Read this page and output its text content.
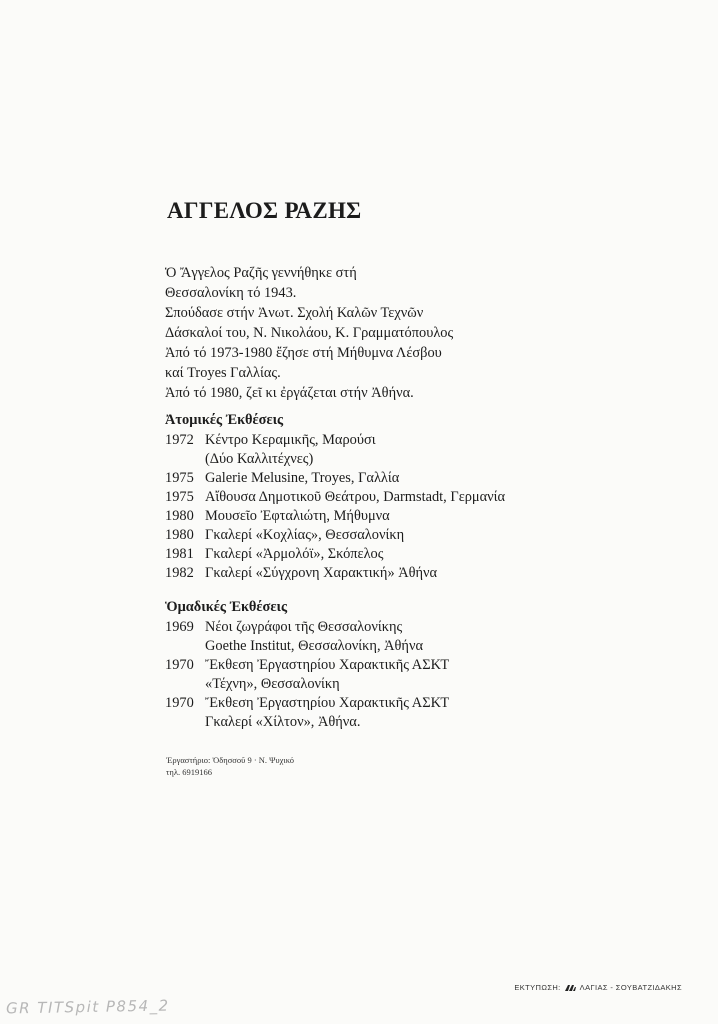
ΑΓΓΕΛΟΣ ΡΑΖΗΣ
Ὁ Ἄγγελος Ραζῆς γεννήθηκε στή
Θεσσαλονίκη τό 1943.
Σπούδασε στήν Ἀνωτ. Σχολή Καλῶν Τεχνῶν
Δάσκαλοί του, Ν. Νικολάου, Κ. Γραμματόπουλος
Ἀπό τό 1973-1980 ἔζησε στή Μήθυμνα Λέσβου
καί Troyes Γαλλίας.
Ἀπό τό 1980, ζεῖ κι ἐργάζεται στήν Ἀθήνα.
Ἀτομικές Ἐκθέσεις
1972 Κέντρο Κεραμικῆς, Μαρούσι
(Δύο Καλλιτέχνες)
1975 Galerie Melusine, Troyes, Γαλλία
1975 Αἴθουσα Δημοτικοῦ Θεάτρου, Darmstadt, Γερμανία
1980 Μουσεῖο Ἐφταλιώτη, Μήθυμνα
1980 Γκαλερί «Κοχλίας», Θεσσαλονίκη
1981 Γκαλερί «Ἀρμολόϊ», Σκόπελος
1982 Γκαλερί «Σύγχρονη Χαρακτική» Ἀθήνα
Ὁμαδικές Ἐκθέσεις
1969 Νέοι ζωγράφοι τῆς Θεσσαλονίκης
Goethe Institut, Θεσσαλονίκη, Ἀθήνα
1970 Ἔκθεση Ἐργαστηρίου Χαρακτικῆς ΑΣΚΤ
«Τέχνη», Θεσσαλονίκη
1970 Ἔκθεση Ἐργαστηρίου Χαρακτικῆς ΑΣΚΤ
Γκαλερί «Χίλτον», Ἀθήνα.
Ἐργαστήριο: Ὀδησσοῦ 9 · Ν. Ψυχικό
τηλ. 6919166
ΕΚΤΥΠΩΣΗ:	ΛΑΓΙΑΣ - ΣΟΥΒΑΤΖΙΔΑΚΗΣ
GR TITSpit P854_2
